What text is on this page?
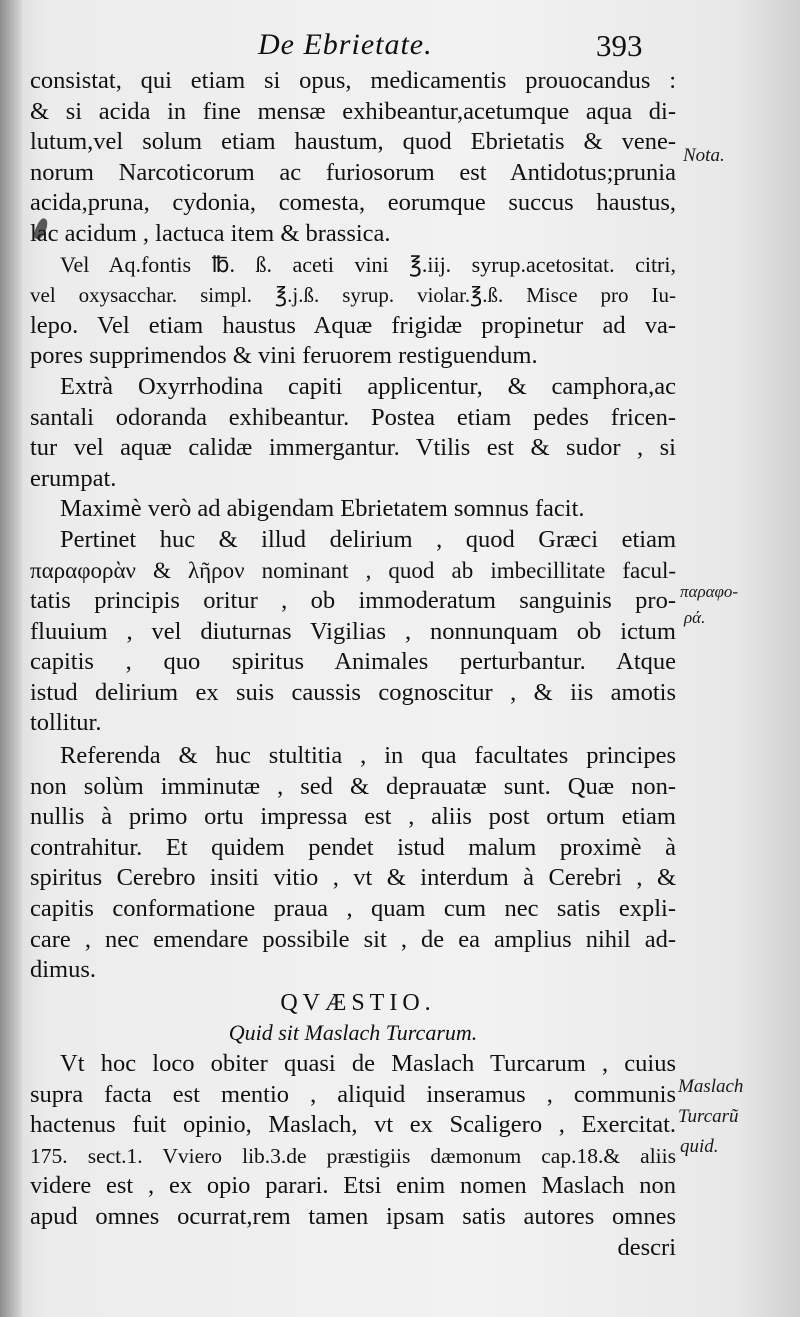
De Ebrietate.	393
consistat, qui etiam si opus, medicamentis prouocandus :
& si acida in fine mensæ exhibeantur,acetumque aqua di-
lutum,vel solum etiam haustum, quod Ebrietatis & vene-
norum Narcoticorum ac furiosorum est Antidotus;prunia
acida,pruna, cydonia, comesta, eorumque succus haustus,
lac acidum , lactuca item & brassica.
Vel Aq.fontis ℔. ß. aceti vini ℥.iij. syrup.acetositat. citri,
vel oxysacchar. simpl. ℥.j.ß. syrup. violar.℥.ß. Misce pro Iu-
lepo. Vel etiam haustus Aquæ frigidæ propinetur ad va-
pores supprimendos & vini feruorem restiguendum.
Extrà Oxyrrhodina capiti applicentur, & camphora,ac
santali odoranda exhibeantur. Postea etiam pedes fricen-
tur vel aquæ calidæ immergantur. Vtilis est & sudor , si
erumpat.
Maximè verò ad abigendam Ebrietatem somnus facit.
Pertinet huc & illud delirium , quod Græci etiam
παραφορὰν & λῆρον nominant , quod ab imbecillitate facul-
tatis principis oritur , ob immoderatum sanguinis pro-
fluuium , vel diuturnas Vigilias , nonnunquam ob ictum
capitis , quo spiritus Animales perturbantur. Atque
istud delirium ex suis caussis cognoscitur , & iis amotis
tollitur.
Referenda & huc stultitia , in qua facultates principes
non solùm imminutæ , sed & deprauatæ sunt. Quæ non-
nullis à primo ortu impressa est , aliis post ortum etiam
contrahitur. Et quidem pendet istud malum proximè à
spiritus Cerebro insiti vitio , vt & interdum à Cerebri , &
capitis conformatione praua , quam cum nec satis expli-
care , nec emendare possibile sit , de ea amplius nihil ad-
dimus.
QVÆSTIO.
Quid sit Maslach Turcarum.
Vt hoc loco obiter quasi de Maslach Turcarum , cuius
supra facta est mentio , aliquid inseramus , communis
hactenus fuit opinio, Maslach, vt ex Scaligero , Exercitat.
175. sect.1. Vviero lib.3.de præstigiis dæmonum cap.18.& aliis
videre est , ex opio parari. Etsi enim nomen Maslach non
apud omnes ocurrat,rem tamen ipsam satis autores omnes
descri
Nota.
παραφο-
ρά.
Maslach
Turcarũ
quid.
